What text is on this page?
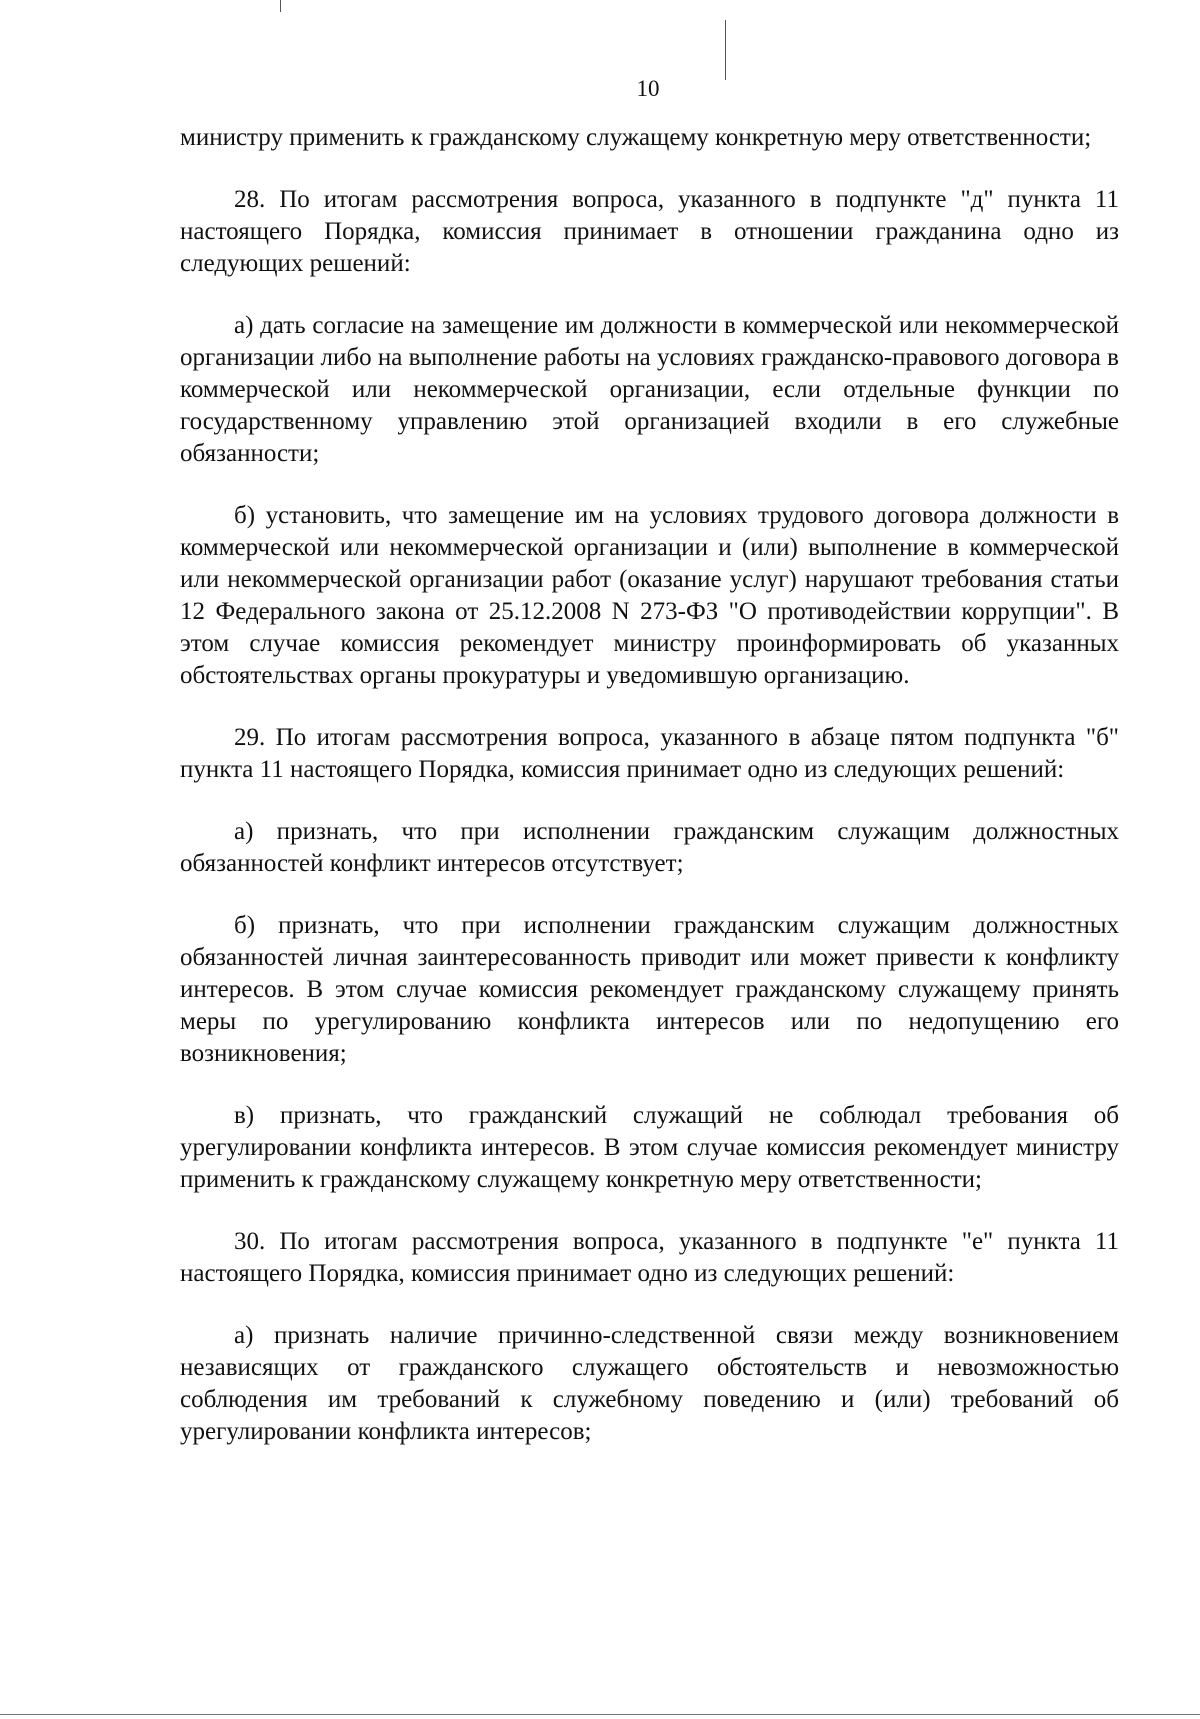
10

министру применить к гражданскому служащему конкретную меру ответственности;

28. По итогам рассмотрения вопроса, указанного в подпункте "д" пункта 11 настоящего Порядка, комиссия принимает в отношении гражданина одно из следующих решений:

а) дать согласие на замещение им должности в коммерческой или некоммерческой организации либо на выполнение работы на условиях гражданско-правового договора в коммерческой или некоммерческой организации, если отдельные функции по государственному управлению этой организацией входили в его служебные обязанности;

б) установить, что замещение им на условиях трудового договора должности в коммерческой или некоммерческой организации и (или) выполнение в коммерческой или некоммерческой организации работ (оказание услуг) нарушают требования статьи 12 Федерального закона от 25.12.2008 N 273-ФЗ "О противодействии коррупции". В этом случае комиссия рекомендует министру проинформировать об указанных обстоятельствах органы прокуратуры и уведомившую организацию.

29. По итогам рассмотрения вопроса, указанного в абзаце пятом подпункта "б" пункта 11 настоящего Порядка, комиссия принимает одно из следующих решений:

а) признать, что при исполнении гражданским служащим должностных обязанностей конфликт интересов отсутствует;

б) признать, что при исполнении гражданским служащим должностных обязанностей личная заинтересованность приводит или может привести к конфликту интересов. В этом случае комиссия рекомендует гражданскому служащему принять меры по урегулированию конфликта интересов или по недопущению его возникновения;

в) признать, что гражданский служащий не соблюдал требования об урегулировании конфликта интересов. В этом случае комиссия рекомендует министру применить к гражданскому служащему конкретную меру ответственности;

30. По итогам рассмотрения вопроса, указанного в подпункте "е" пункта 11 настоящего Порядка, комиссия принимает одно из следующих решений:

а) признать наличие причинно-следственной связи между возникновением независящих от гражданского служащего обстоятельств и невозможностью соблюдения им требований к служебному поведению и (или) требований об урегулировании конфликта интересов;
